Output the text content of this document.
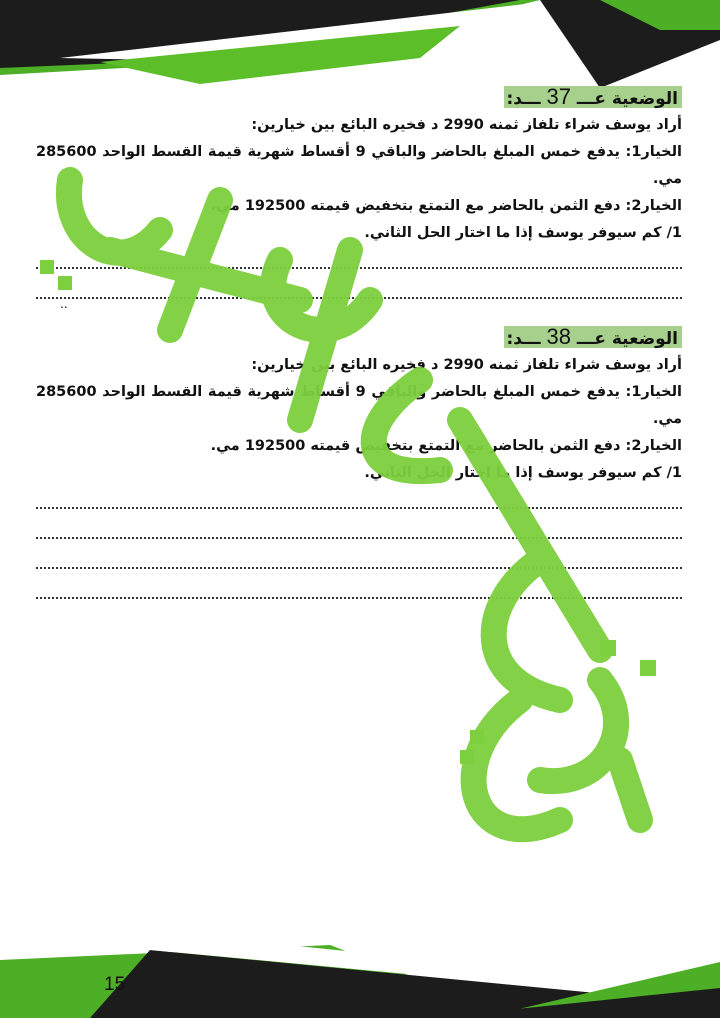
الوضعية عـــ 37 ـــد:
أراد يوسف شراء تلفاز ثمنه 2990 د فخيره البائع بين خيارين:
الخيار1: يدفع خمس المبلغ بالحاضر والباقي 9 أقساط شهرية قيمة القسط الواحد 285600 مي.
الخيار2: دفع الثمن بالحاضر مع التمتع بتخفيض قيمته 192500 مي.
1/ كم سيوفر يوسف إذا ما اختار الحل الثاني.
..
الوضعية عـــ 38 ـــد:
أراد يوسف شراء تلفاز ثمنه 2990 د فخيره البائع بين خيارين:
الخيار1: يدفع خمس المبلغ بالحاضر والباقي 9 أقساط شهرية قيمة القسط الواحد 285600 مي.
الخيار2: دفع الثمن بالحاضر مع التمتع بتخفيض قيمته 192500 مي.
1/ كم سيوفر يوسف إذا ما اختار الحل الثاني.
15
